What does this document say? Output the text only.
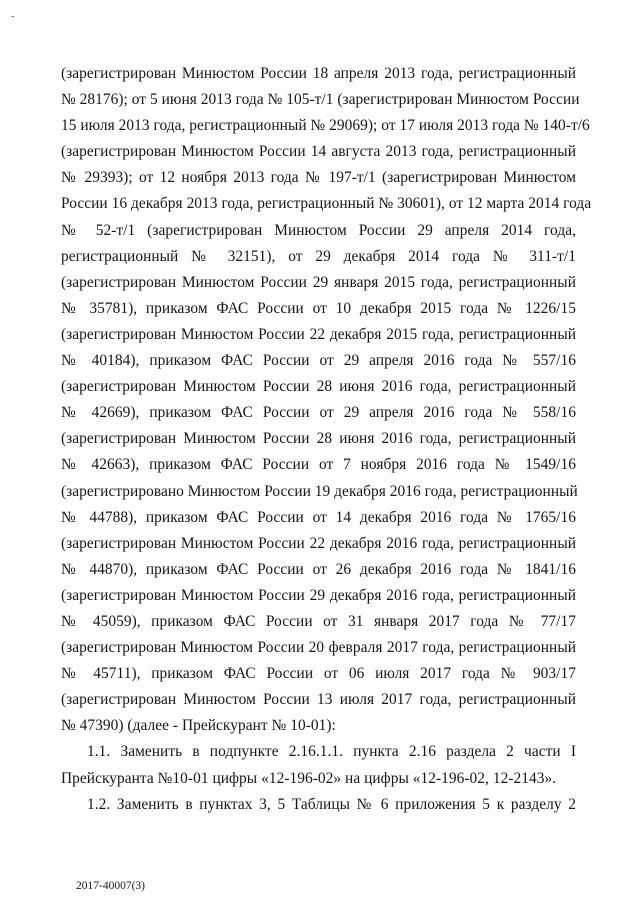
-
(зарегистрирован Минюстом России 18 апреля 2013 года, регистрационный
№ 28176); от 5 июня 2013 года № 105-т/1 (зарегистрирован Минюстом России
15 июля 2013 года, регистрационный № 29069); от 17 июля 2013 года № 140-т/6
(зарегистрирован Минюстом России 14 августа 2013 года, регистрационный
№ 29393); от 12 ноября 2013 года № 197-т/1 (зарегистрирован Минюстом
России 16 декабря 2013 года, регистрационный № 30601), от 12 марта 2014 года
№ 52-т/1 (зарегистрирован Минюстом России 29 апреля 2014 года,
регистрационный № 32151), от 29 декабря 2014 года № 311-т/1
(зарегистрирован Минюстом России 29 января 2015 года, регистрационный
№ 35781), приказом ФАС России от 10 декабря 2015 года № 1226/15
(зарегистрирован Минюстом России 22 декабря 2015 года, регистрационный
№ 40184), приказом ФАС России от 29 апреля 2016 года № 557/16
(зарегистрирован Минюстом России 28 июня 2016 года, регистрационный
№ 42669), приказом ФАС России от 29 апреля 2016 года № 558/16
(зарегистрирован Минюстом России 28 июня 2016 года, регистрационный
№ 42663), приказом ФАС России от 7 ноября 2016 года № 1549/16
(зарегистрировано Минюстом России 19 декабря 2016 года, регистрационный
№ 44788), приказом ФАС России от 14 декабря 2016 года № 1765/16
(зарегистрирован Минюстом России 22 декабря 2016 года, регистрационный
№ 44870), приказом ФАС России от 26 декабря 2016 года № 1841/16
(зарегистрирован Минюстом России 29 декабря 2016 года, регистрационный
№ 45059), приказом ФАС России от 31 января 2017 года № 77/17
(зарегистрирован Минюстом России 20 февраля 2017 года, регистрационный
№ 45711), приказом ФАС России от 06 июля 2017 года № 903/17
(зарегистрирован Минюстом России 13 июля 2017 года, регистрационный
№ 47390) (далее - Прейскурант № 10-01):
1.1. Заменить в подпункте 2.16.1.1. пункта 2.16 раздела 2 части I
Прейскуранта №10-01 цифры «12-196-02» на цифры «12-196-02, 12-2143».
1.2. Заменить в пунктах 3, 5 Таблицы № 6 приложения 5 к разделу 2
2017-40007(3)
